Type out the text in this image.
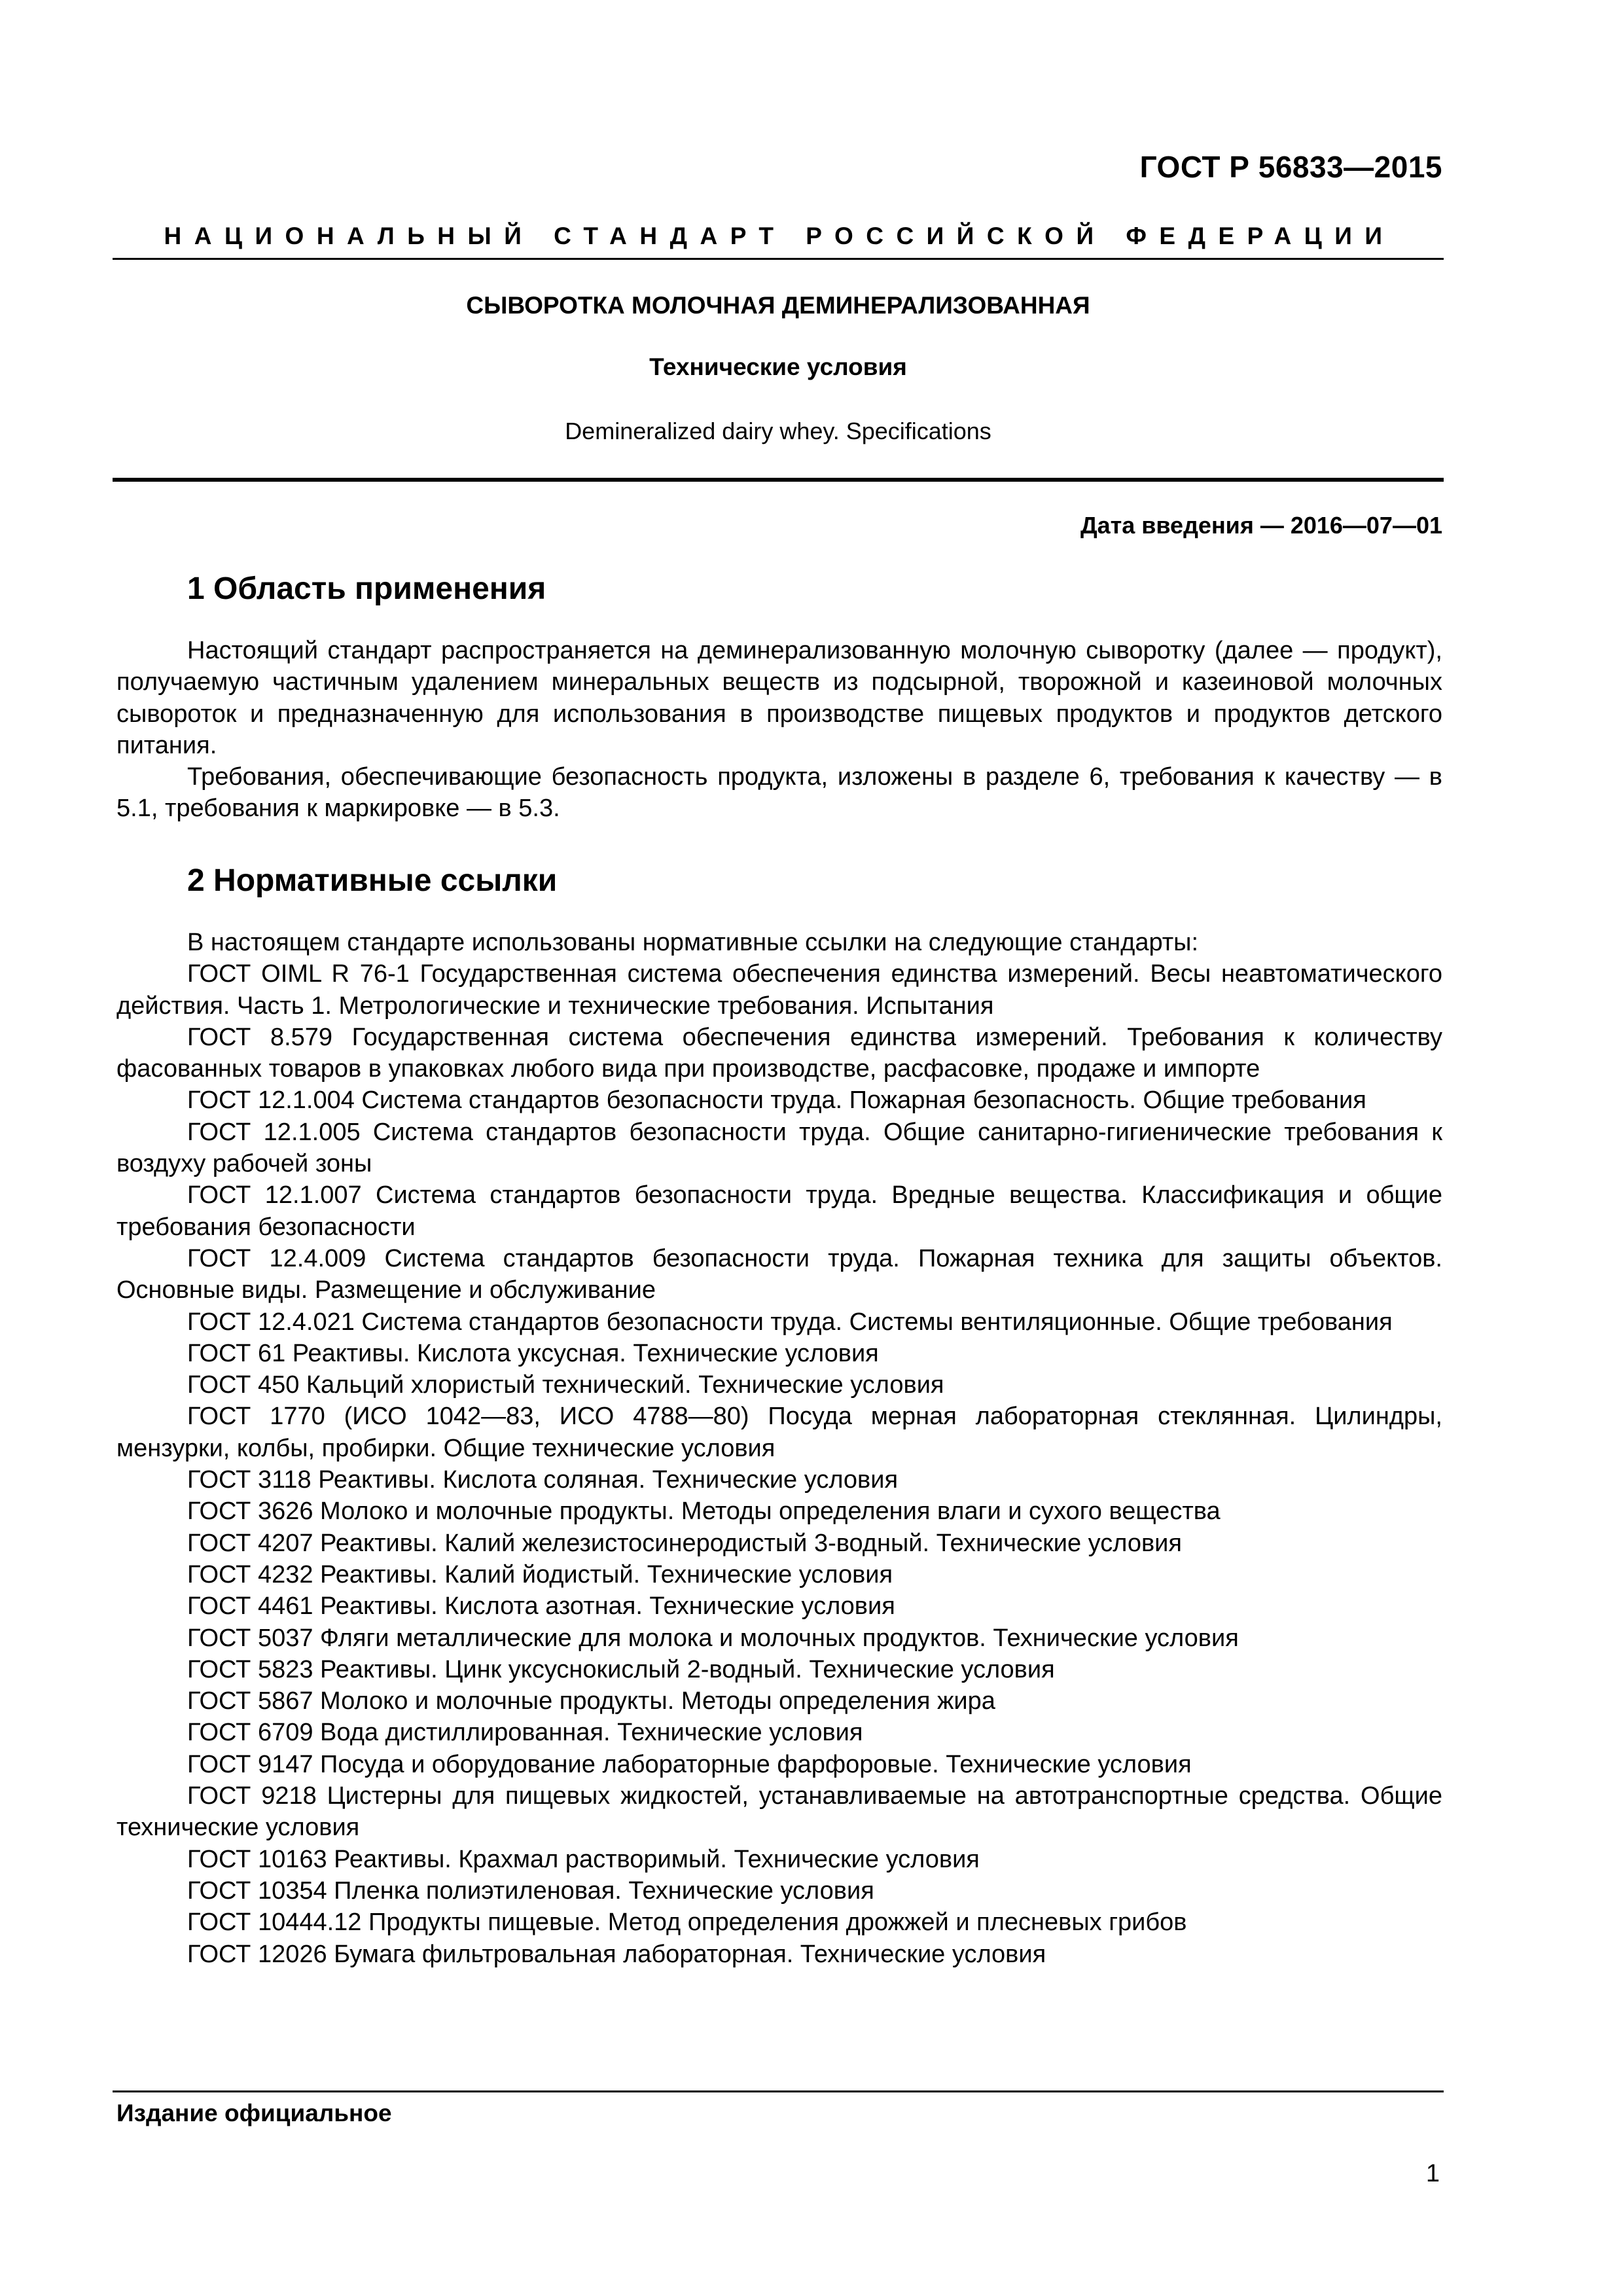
ГОСТ Р 56833—2015
НАЦИОНАЛЬНЫЙ СТАНДАРТ РОССИЙСКОЙ ФЕДЕРАЦИИ
СЫВОРОТКА МОЛОЧНАЯ ДЕМИНЕРАЛИЗОВАННАЯ
Технические условия
Demineralized dairy whey. Specifications
Дата введения — 2016—07—01
1 Область применения

Настоящий стандарт распространяется на деминерализованную молочную сыворотку (далее — продукт), получаемую частичным удалением минеральных веществ из подсырной, творожной и казеиновой молочных сывороток и предназначенную для использования в производстве пищевых продуктов и продуктов детского питания.

Требования, обеспечивающие безопасность продукта, изложены в разделе 6, требования к качеству — в 5.1, требования к маркировке — в 5.3.

2 Нормативные ссылки

В настоящем стандарте использованы нормативные ссылки на следующие стандарты:

ГОСТ OIML R 76-1 Государственная система обеспечения единства измерений. Весы неавтоматического действия. Часть 1. Метрологические и технические требования. Испытания

ГОСТ 8.579 Государственная система обеспечения единства измерений. Требования к количеству фасованных товаров в упаковках любого вида при производстве, расфасовке, продаже и импорте

ГОСТ 12.1.004 Система стандартов безопасности труда. Пожарная безопасность. Общие требования

ГОСТ 12.1.005 Система стандартов безопасности труда. Общие санитарно-гигиенические требования к воздуху рабочей зоны

ГОСТ 12.1.007 Система стандартов безопасности труда. Вредные вещества. Классификация и общие требования безопасности

ГОСТ 12.4.009 Система стандартов безопасности труда. Пожарная техника для защиты объектов. Основные виды. Размещение и обслуживание

ГОСТ 12.4.021 Система стандартов безопасности труда. Системы вентиляционные. Общие требования

ГОСТ 61 Реактивы. Кислота уксусная. Технические условия

ГОСТ 450 Кальций хлористый технический. Технические условия

ГОСТ 1770 (ИСО 1042—83, ИСО 4788—80) Посуда мерная лабораторная стеклянная. Цилиндры, мензурки, колбы, пробирки. Общие технические условия

ГОСТ 3118 Реактивы. Кислота соляная. Технические условия

ГОСТ 3626 Молоко и молочные продукты. Методы определения влаги и сухого вещества

ГОСТ 4207 Реактивы. Калий железистосинеродистый 3-водный. Технические условия

ГОСТ 4232 Реактивы. Калий йодистый. Технические условия

ГОСТ 4461 Реактивы. Кислота азотная. Технические условия

ГОСТ 5037 Фляги металлические для молока и молочных продуктов. Технические условия

ГОСТ 5823 Реактивы. Цинк уксуснокислый 2-водный. Технические условия

ГОСТ 5867 Молоко и молочные продукты. Методы определения жира

ГОСТ 6709 Вода дистиллированная. Технические условия

ГОСТ 9147 Посуда и оборудование лабораторные фарфоровые. Технические условия

ГОСТ 9218 Цистерны для пищевых жидкостей, устанавливаемые на автотранспортные средства. Общие технические условия

ГОСТ 10163 Реактивы. Крахмал растворимый. Технические условия

ГОСТ 10354 Пленка полиэтиленовая. Технические условия

ГОСТ 10444.12 Продукты пищевые. Метод определения дрожжей и плесневых грибов

ГОСТ 12026 Бумага фильтровальная лабораторная. Технические условия

Издание официальное
1
